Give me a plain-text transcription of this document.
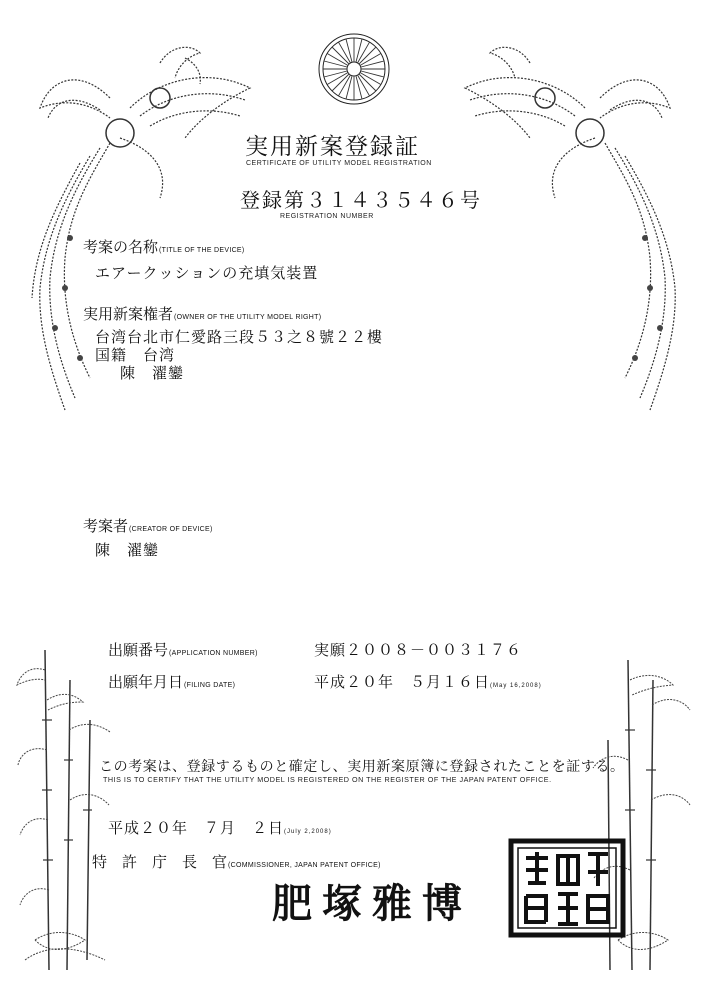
実用新案登録証
CERTIFICATE OF UTILITY MODEL REGISTRATION
登録第３１４３５４６号
REGISTRATION NUMBER
考案の名称(TITLE OF THE DEVICE)
エアークッションの充填気装置
実用新案権者(OWNER OF THE UTILITY MODEL RIGHT)
台湾台北市仁愛路三段５３之８號２２樓
国籍　台湾
陳　濯鑾
考案者(CREATOR OF DEVICE)
陳　濯鑾
出願番号(APPLICATION NUMBER)	実願２００８－００３１７６
出願年月日(FILING DATE)	平成２０年　５月１６日(May 16,2008)
この考案は、登録するものと確定し、実用新案原簿に登録されたことを証する。
THIS IS TO CERTIFY THAT THE UTILITY MODEL IS REGISTERED ON THE REGISTER OF THE JAPAN PATENT OFFICE.
平成２０年　７月　２日(July 2,2008)
特　許　庁　長　官(COMMISSIONER, JAPAN PATENT OFFICE)
肥塚雅博
